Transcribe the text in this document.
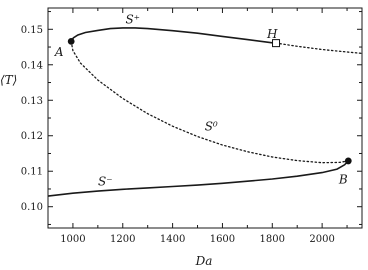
1000 1200 1400 1600 1800 2000
0.10
0.11
0.12
0.13
0.14
0.15
S⁺
H
A
S⁰
S⁻	B
Da
⟨T⟩
